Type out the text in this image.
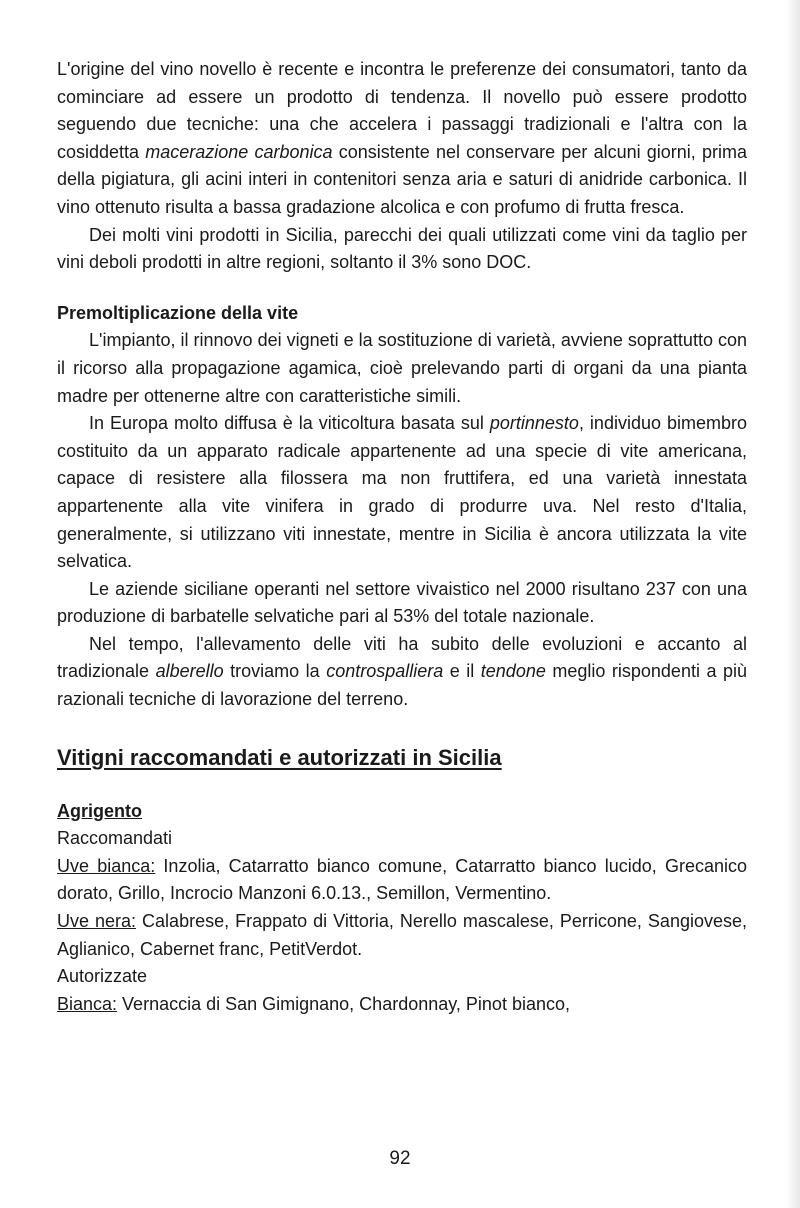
L'origine del vino novello è recente e incontra le preferenze dei consumatori, tanto da cominciare ad essere un prodotto di tendenza. Il novello può essere prodotto seguendo due tecniche: una che accelera i passaggi tradizionali e l'altra con la cosiddetta macerazione carbonica consistente nel conservare per alcuni giorni, prima della pigiatura, gli acini interi in contenitori senza aria e saturi di anidride carbonica. Il vino ottenuto risulta a bassa gradazione alcolica e con profumo di frutta fresca.

Dei molti vini prodotti in Sicilia, parecchi dei quali utilizzati come vini da taglio per vini deboli prodotti in altre regioni, soltanto il 3% sono DOC.

Premoltiplicazione della vite

L'impianto, il rinnovo dei vigneti e la sostituzione di varietà, avviene soprattutto con il ricorso alla propagazione agamica, cioè prelevando parti di organi da una pianta madre per ottenerne altre con caratteristiche simili.

In Europa molto diffusa è la viticoltura basata sul portinnesto, individuo bimembro costituito da un apparato radicale appartenente ad una specie di vite americana, capace di resistere alla filossera ma non fruttifera, ed una varietà innestata appartenente alla vite vinifera in grado di produrre uva. Nel resto d'Italia, generalmente, si utilizzano viti innestate, mentre in Sicilia è ancora utilizzata la vite selvatica.

Le aziende siciliane operanti nel settore vivaistico nel 2000 risultano 237 con una produzione di barbatelle selvatiche pari al 53% del totale nazionale.

Nel tempo, l'allevamento delle viti ha subito delle evoluzioni e accanto al tradizionale alberello troviamo la controspalliera e il tendone meglio rispondenti a più razionali tecniche di lavorazione del terreno.

Vitigni raccomandati e autorizzati in Sicilia

Agrigento

Raccomandati

Uve bianca: Inzolia, Catarratto bianco comune, Catarratto bianco lucido, Grecanico dorato, Grillo, Incrocio Manzoni 6.0.13., Semillon, Vermentino.

Uve nera: Calabrese, Frappato di Vittoria, Nerello mascalese, Perricone, Sangiovese, Aglianico, Cabernet franc, PetitVerdot.

Autorizzate

Bianca: Vernaccia di San Gimignano, Chardonnay, Pinot bianco,

92
